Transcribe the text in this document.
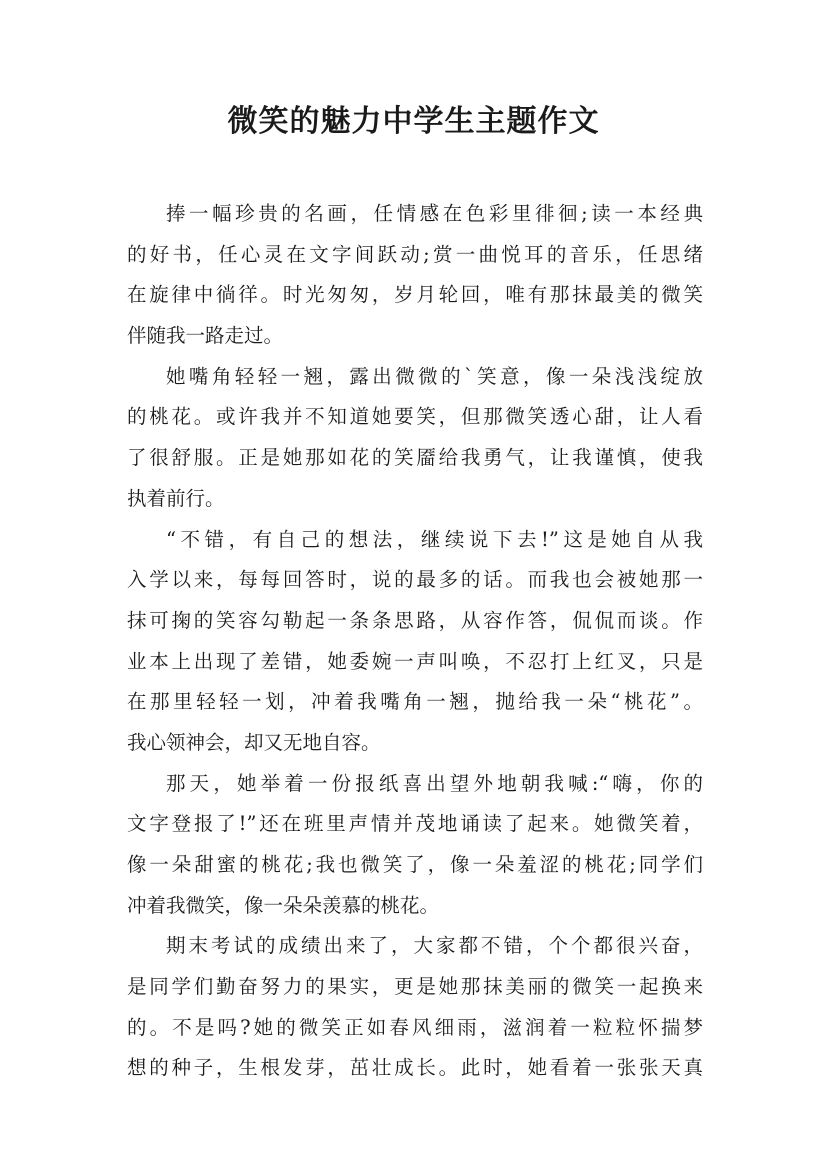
微笑的魅力中学生主题作文
捧一幅珍贵的名画，任情感在色彩里徘徊;读一本经典
的好书，任心灵在文字间跃动;赏一曲悦耳的音乐，任思绪
在旋律中徜徉。时光匆匆，岁月轮回，唯有那抹最美的微笑
伴随我一路走过。
她嘴角轻轻一翘，露出微微的`笑意，像一朵浅浅绽放
的桃花。或许我并不知道她要笑，但那微笑透心甜，让人看
了很舒服。正是她那如花的笑靥给我勇气，让我谨慎，使我
执着前行。
“不错，有自己的想法，继续说下去!”这是她自从我
入学以来，每每回答时，说的最多的话。而我也会被她那一
抹可掬的笑容勾勒起一条条思路，从容作答，侃侃而谈。作
业本上出现了差错，她委婉一声叫唤，不忍打上红叉，只是
在那里轻轻一划，冲着我嘴角一翘，抛给我一朵“桃花”。
我心领神会，却又无地自容。
那天，她举着一份报纸喜出望外地朝我喊:“嗨，你的
文字登报了!”还在班里声情并茂地诵读了起来。她微笑着，
像一朵甜蜜的桃花;我也微笑了，像一朵羞涩的桃花;同学们
冲着我微笑，像一朵朵羡慕的桃花。
期末考试的成绩出来了，大家都不错，个个都很兴奋，
是同学们勤奋努力的果实，更是她那抹美丽的微笑一起换来
的。不是吗?她的微笑正如春风细雨，滋润着一粒粒怀揣梦
想的种子，生根发芽，茁壮成长。此时，她看着一张张天真
